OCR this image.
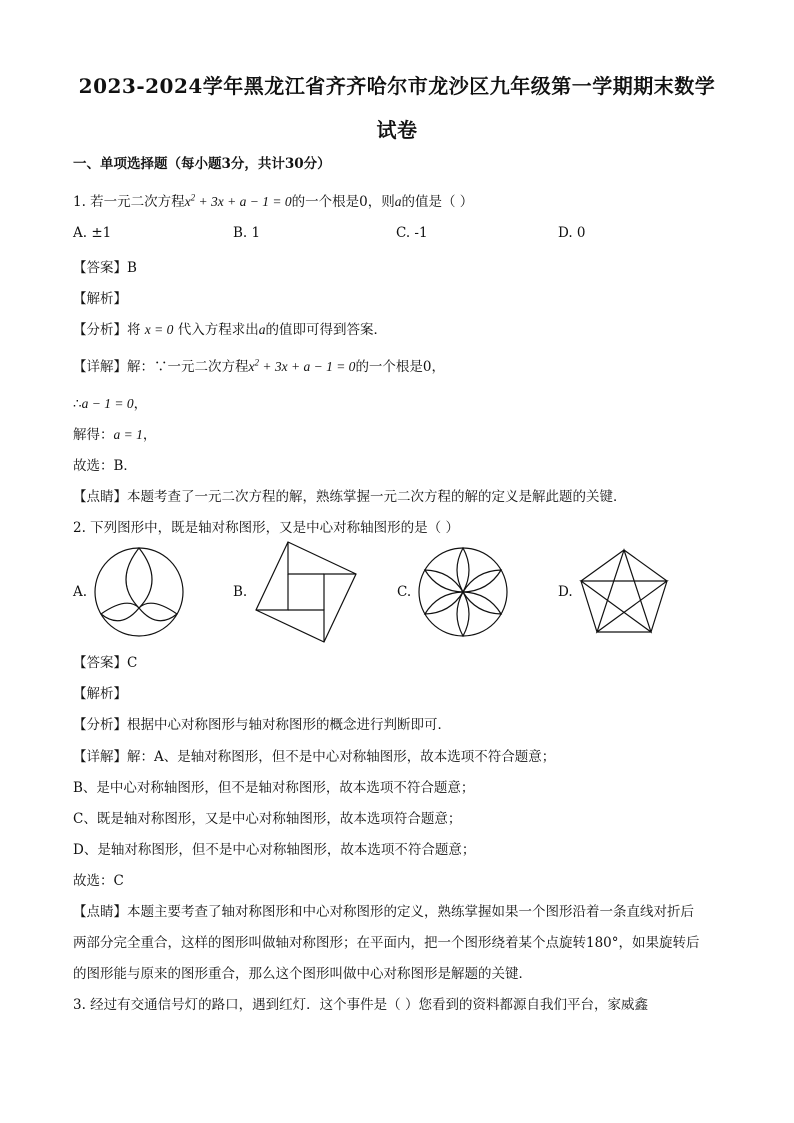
2023-2024学年黑龙江省齐齐哈尔市龙沙区九年级第一学期期末数学
试卷
一、单项选择题（每小题3分，共计30分）
1. 若一元二次方程$x^2 + 3x + a - 1 = 0$的一个根是0，则a的值是（ ）
A. ±1	B. 1	C. -1	D. 0
【答案】B
【解析】
【分析】将 x = 0 代入方程求出a的值即可得到答案．
【详解】解：∵一元二次方程$x^2 + 3x + a - 1 = 0$的一个根是0，
∴a − 1 = 0，
解得：a = 1，
故选：B．
【点睛】本题考查了一元二次方程的解，熟练掌握一元二次方程的解的定义是解此题的关键．
2. 下列图形中，既是轴对称图形，又是中心对称轴图形的是（ ）
A.	B.	C.	D.
【答案】C
【解析】
【分析】根据中心对称图形与轴对称图形的概念进行判断即可．
【详解】解：A、是轴对称图形，但不是中心对称轴图形，故本选项不符合题意；
B、是中心对称轴图形，但不是轴对称图形，故本选项不符合题意；
C、既是轴对称图形，又是中心对称轴图形，故本选项符合题意；
D、是轴对称图形，但不是中心对称轴图形，故本选项不符合题意；
故选：C
【点睛】本题主要考查了轴对称图形和中心对称图形的定义，熟练掌握如果一个图形沿着一条直线对折后
两部分完全重合，这样的图形叫做轴对称图形；在平面内，把一个图形绕着某个点旋转180°，如果旋转后
的图形能与原来的图形重合，那么这个图形叫做中心对称图形是解题的关键．
3. 经过有交通信号灯的路口，遇到红灯．这个事件是（ ）您看到的资料都源自我们平台，家威鑫
